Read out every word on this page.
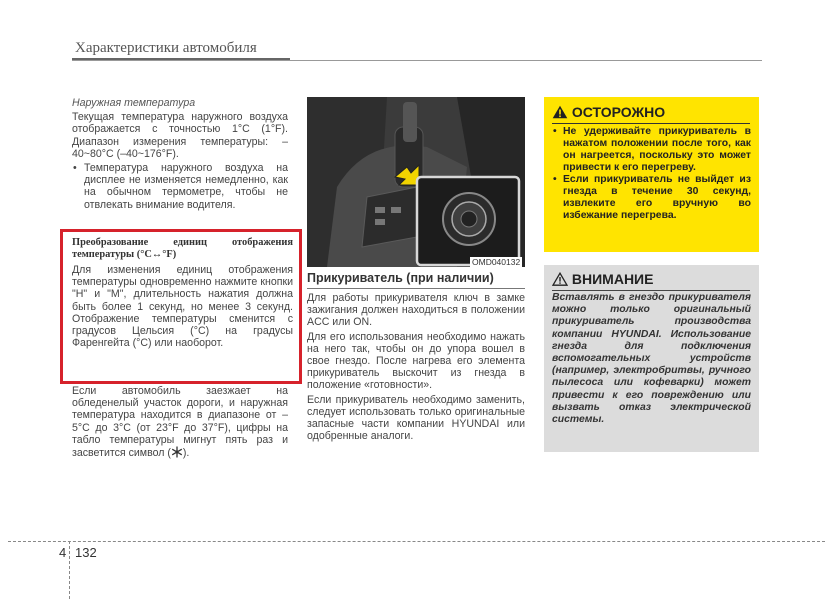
Характеристики автомобиля
Наружная температура

Текущая температура наружного воздуха отображается с точностью 1°C (1°F). Диапазон измерения температуры: –40~80°C (–40~176°F).

• Температура наружного воздуха на дисплее не изменяется немедленно, как на обычном термометре, чтобы не отвлекать внимание водителя.
Преобразование единиц отображения температуры (°C↔°F)

Для изменения единиц отображения температуры одновременно нажмите кнопки "H" и "M", длительность нажатия должна быть более 1 секунд, но менее 3 секунд. Отображение температуры сменится с градусов Цельсия (°C) на градусы Фаренгейта (°C) или наоборот.

Если автомобиль заезжает на обледенелый участок дороги, и наружная температура находится в диапазоне от –5°C до 3°C (от 23°F до 37°F), цифры на табло температуры мигнут пять раз и засветится символ ( ).

OMD040132
Прикуриватель (при наличии)

Для работы прикуривателя ключ в замке зажигания должен находиться в положении ACC или ON.

Для его использования необходимо нажать на него так, чтобы он до упора вошел в свое гнездо. После нагрева его элемента прикуриватель выскочит из гнезда в положение «готовности».

Если прикуриватель необходимо заменить, следует использовать только оригинальные запасные части компании HYUNDAI или одобренные аналоги.

ОСТОРОЖНО
• Не удерживайте прикуриватель в нажатом положении после того, как он нагреется, поскольку это может привести к его перегреву.
• Если прикуриватель не выйдет из гнезда в течение 30 секунд, извлеките его вручную во избежание перегрева.
ВНИМАНИЕ
Вставлять в гнездо прикуривателя можно только оригинальный прикуриватель производства компании HYUNDAI. Использование гнезда для подключения вспомогательных устройств (например, электробритвы, ручного пылесоса или кофеварки) может привести к его повреждению или вызвать отказ электрической системы.
4 132
